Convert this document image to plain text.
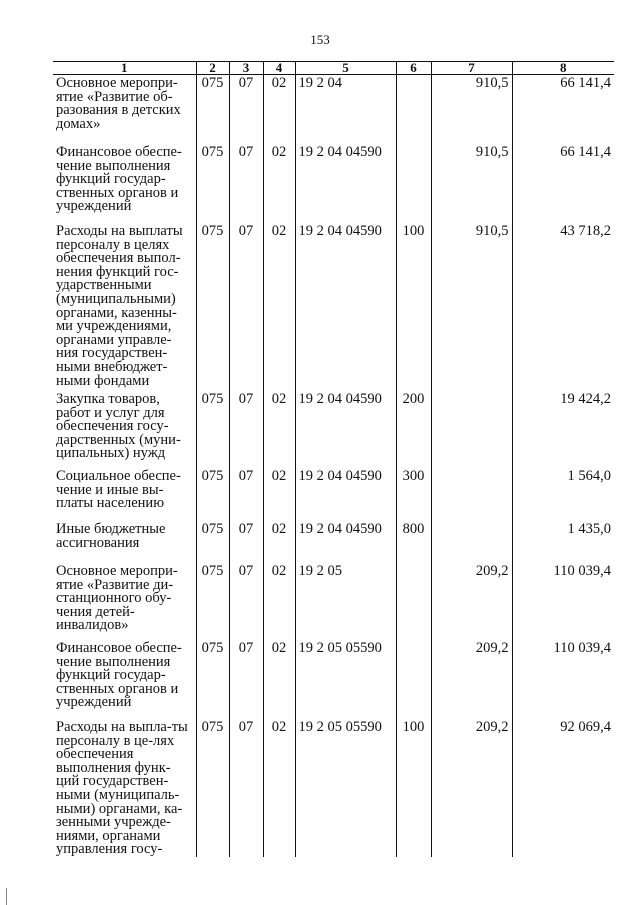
153
1	2	3	4	5	6	7	8
Основное меропри-ятие «Развитие об-разования в детских домах»	075	07	02	19 2 04		910,5	66 141,4
Финансовое обеспе-чение выполнения функций государ-ственных органов и учреждений	075	07	02	19 2 04 04590		910,5	66 141,4
Расходы на выплаты персоналу в целях обеспечения выпол-нения функций гос-ударственными (муниципальными) органами, казенны-ми учреждениями, органами управле-ния государствен-ными внебюджет-ными фондами	075	07	02	19 2 04 04590	100	910,5	43 718,2
Закупка товаров, работ и услуг для обеспечения госу-дарственных (муни-ципальных) нужд	075	07	02	19 2 04 04590	200		19 424,2
Социальное обеспе-чение и иные вы-платы населению	075	07	02	19 2 04 04590	300		1 564,0
Иные бюджетные ассигнования	075	07	02	19 2 04 04590	800		1 435,0
Основное меропри-ятие «Развитие ди-станционного обу-чения детей-инвалидов»	075	07	02	19 2 05		209,2	110 039,4
Финансовое обеспе-чение выполнения функций государ-ственных органов и учреждений	075	07	02	19 2 05 05590		209,2	110 039,4
Расходы на выпла-ты персоналу в це-лях обеспечения выполнения функ-ций государствен-ными (муниципаль-ными) органами, ка-зенными учрежде-ниями, органами управления госу-	075	07	02	19 2 05 05590	100	209,2	92 069,4
